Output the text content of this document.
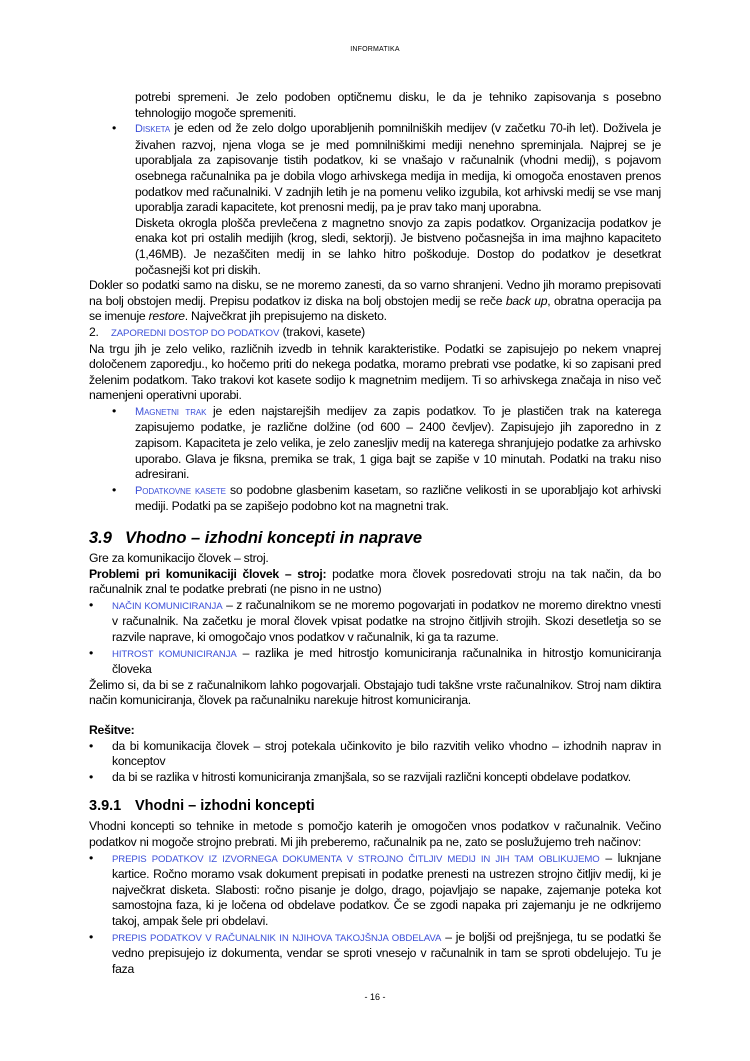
INFORMATIKA

potrebi spremeni. Je zelo podoben optičnemu disku, le da je tehniko zapisovanja s posebno tehnologijo mogoče spremeniti.

• Disketa je eden od že zelo dolgo uporabljenih pomnilniških medijev (v začetku 70-ih let). Doživela je živahen razvoj, njena vloga se je med pomnilniškimi mediji nenehno spreminjala. Najprej se je uporabljala za zapisovanje tistih podatkov, ki se vnašajo v računalnik (vhodni medij), s pojavom osebnega računalnika pa je dobila vlogo arhivskega medija in medija, ki omogoča enostaven prenos podatkov med računalniki. V zadnjih letih je na pomenu veliko izgubila, kot arhivski medij se vse manj uporablja zaradi kapacitete, kot prenosni medij, pa je prav tako manj uporabna.

Disketa okrogla plošča prevlečena z magnetno snovjo za zapis podatkov. Organizacija podatkov je enaka kot pri ostalih medijih (krog, sledi, sektorji). Je bistveno počasnejša in ima majhno kapaciteto (1,46MB). Je nezaščiten medij in se lahko hitro poškoduje. Dostop do podatkov je desetkrat počasnejši kot pri diskih.

Dokler so podatki samo na disku, se ne moremo zanesti, da so varno shranjeni. Vedno jih moramo prepisovati na bolj obstojen medij. Prepisu podatkov iz diska na bolj obstojen medij se reče back up, obratna operacija pa se imenuje restore. Največkrat jih prepisujemo na disketo.

2. ZAPOREDNI DOSTOP DO PODATKOV (trakovi, kasete)

Na trgu jih je zelo veliko, različnih izvedb in tehnik karakteristike. Podatki se zapisujejo po nekem vnaprej določenem zaporedju., ko hočemo priti do nekega podatka, moramo prebrati vse podatke, ki so zapisani pred želenim podatkom. Tako trakovi kot kasete sodijo k magnetnim medijem. Ti so arhivskega značaja in niso več namenjeni operativni uporabi.

• Magnetni trak je eden najstarejših medijev za zapis podatkov. To je plastičen trak na katerega zapisujemo podatke, je različne dolžine (od 600 – 2400 čevljev). Zapisujejo jih zaporedno in z zapisom. Kapaciteta je zelo velika, je zelo zanesljiv medij na katerega shranjujejo podatke za arhivsko uporabo. Glava je fiksna, premika se trak, 1 giga bajt se zapiše v 10 minutah. Podatki na traku niso adresirani.
• Podatkovne kasete so podobne glasbenim kasetam, so različne velikosti in se uporabljajo kot arhivski mediji. Podatki pa se zapišejo podobno kot na magnetni trak.
3.9 Vhodno – izhodni koncepti in naprave

Gre za komunikacijo človek – stroj.

Problemi pri komunikaciji človek – stroj: podatke mora človek posredovati stroju na tak način, da bo računalnik znal te podatke prebrati (ne pisno in ne ustno)

• NAČIN KOMUNICIRANJA – z računalnikom se ne moremo pogovarjati in podatkov ne moremo direktno vnesti v računalnik. Na začetku je moral človek vpisat podatke na strojno čitljivih strojih. Skozi desetletja so se razvile naprave, ki omogočajo vnos podatkov v računalnik, ki ga ta razume.
• HITROST KOMUNICIRANJA – razlika je med hitrostjo komuniciranja računalnika in hitrostjo komuniciranja človeka

Želimo si, da bi se z računalnikom lahko pogovarjali. Obstajajo tudi takšne vrste računalnikov. Stroj nam diktira način komuniciranja, človek pa računalniku narekuje hitrost komuniciranja.

Rešitve:

• da bi komunikacija človek – stroj potekala učinkovito je bilo razvitih veliko vhodno – izhodnih naprav in konceptov
• da bi se razlika v hitrosti komuniciranja zmanjšala, so se razvijali različni koncepti obdelave podatkov.
3.9.1 Vhodni – izhodni koncepti

Vhodni koncepti so tehnike in metode s pomočjo katerih je omogočen vnos podatkov v računalnik. Večino podatkov ni mogoče strojno prebrati. Mi jih preberemo, računalnik pa ne, zato se poslužujemo treh načinov:

• PREPIS PODATKOV IZ IZVORNEGA DOKUMENTA V STROJNO ČITLJIV MEDIJ IN JIH TAM OBLIKUJEMO – luknjane kartice. Ročno moramo vsak dokument prepisati in podatke prenesti na ustrezen strojno čitljiv medij, ki je največkrat disketa. Slabosti: ročno pisanje je dolgo, drago, pojavljajo se napake, zajemanje poteka kot samostojna faza, ki je ločena od obdelave podatkov. Če se zgodi napaka pri zajemanju je ne odkrijemo takoj, ampak šele pri obdelavi.
• PREPIS PODATKOV V RAČUNALNIK IN NJIHOVA TAKOJŠNJA OBDELAVA – je boljši od prejšnjega, tu se podatki še vedno prepisujejo iz dokumenta, vendar se sproti vnesejo v računalnik in tam se sproti obdelujejo. Tu je faza
- 16 -
